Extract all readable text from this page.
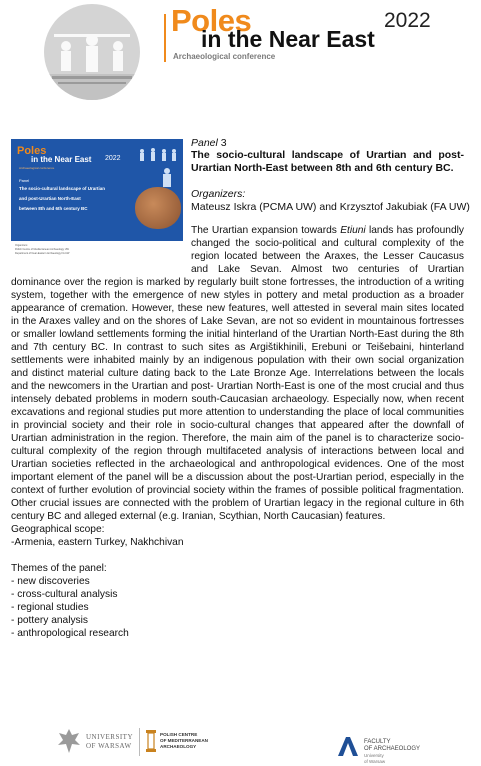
Poles
in the Near East
Archaeological conference
2022
Poles
in the Near East 2022
Archaeological conference
Panel
The socio-cultural landscape of Urartian
and post-Urartian North-East
between 8th and 6th century BC
Organizers:
Polish Centre of Mediterranean Archaeology UW
Department of Near-Eastern Archaeology FA UW
Panel 3
The socio-cultural landscape of Urartian and post-Urartian North-East between 8th and 6th century BC.
Organizers:
Mateusz Iskra (PCMA UW) and Krzysztof Jakubiak (FA UW)
The Urartian expansion towards Etiuni lands has profoundly changed the socio-political and cultural complexity of the region located between the Araxes, the Lesser Caucasus and Lake Sevan. Almost two centuries of Urartian dominance over the region is marked by regularly built stone fortresses, the introduction of a writing system, together with the emergence of new styles in pottery and metal production as a broader appearance of cremation. However, these new features, well attested in several main sites located in the Araxes valley and on the shores of Lake Sevan, are not so evident in mountainous fortresses or smaller lowland settlements forming the initial hinterland of the Urartian North-East during the 8th and 7th century BC. In contrast to such sites as Argištikhinili, Erebuni or Teišebaini, hinterland settlements were inhabited mainly by an indigenous population with their own social organization and distinct material culture dating back to the Late Bronze Age. Interrelations between the locals and the newcomers in the Urartian and post- Urartian North-East is one of the most crucial and thus intensely debated problems in modern south-Caucasian archaeology. Especially now, when recent excavations and regional studies put more attention to understanding the place of local communities in provincial society and their role in socio-cultural changes that appeared after the downfall of Urartian administration in the region. Therefore, the main aim of the panel is to characterize socio-cultural complexity of the region through multifaceted analysis of interactions between local and Urartian societies reflected in the archaeological and anthropological evidences. One of the most important element of the panel will be a discussion about the post-Urartian period, especially in the context of further evolution of provincial society within the frames of possible political fragmentation. Other crucial issues are connected with the problem of Urartian legacy in the regional culture in 6th century BC and alleged external (e.g. Iranian, Scythian, North Caucasian) features.
Geographical scope:
-Armenia, eastern Turkey, Nakhchivan
Themes of the panel:
- new discoveries
- cross-cultural analysis
- regional studies
- pottery analysis
- anthropological research
UNIVERSITY
OF WARSAW
POLISH CENTRE
OF MEDITERRANEAN
ARCHAEOLOGY
FACULTY
OF ARCHAEOLOGY
University
of Warsaw
